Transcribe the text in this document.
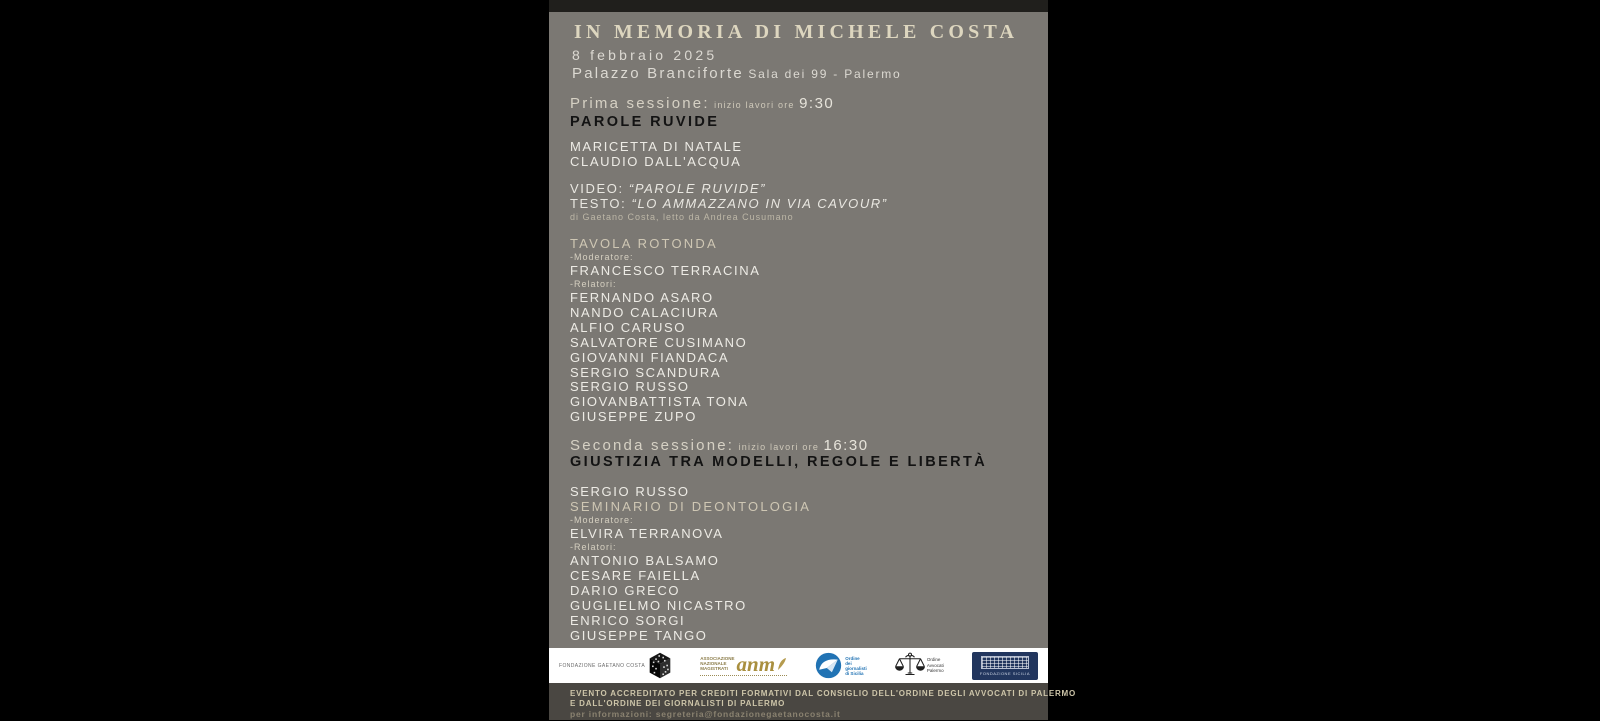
IN MEMORIA DI MICHELE COSTA
8 febbraio 2025
Palazzo Branciforte Sala dei 99 - Palermo
Prima sessione: inizio lavori ore 9:30
PAROLE RUVIDE
MARICETTA DI NATALE
CLAUDIO DALL'ACQUA
VIDEO: “PAROLE RUVIDE”
TESTO: “LO AMMAZZANO IN VIA CAVOUR”
di Gaetano Costa, letto da Andrea Cusumano
TAVOLA ROTONDA
-Moderatore:
FRANCESCO TERRACINA
-Relatori:
FERNANDO ASARO
NANDO CALACIURA
ALFIO CARUSO
SALVATORE CUSIMANO
GIOVANNI FIANDACA
SERGIO SCANDURA
SERGIO RUSSO
GIOVANBATTISTA TONA
GIUSEPPE ZUPO
Seconda sessione: inizio lavori ore 16:30
GIUSTIZIA TRA MODELLI, REGOLE E LIBERTÀ
SERGIO RUSSO
SEMINARIO DI DEONTOLOGIA
-Moderatore:
ELVIRA TERRANOVA
-Relatori:
ANTONIO BALSAMO
CESARE FAIELLA
DARIO GRECO
GUGLIELMO NICASTRO
ENRICO SORGI
GIUSEPPE TANGO
FONDAZIONE GAETANO COSTA
ASSOCIAZIONE
NAZIONALE
MAGISTRATI anm	Ordine
dei
giornalisti
di Sicilia
Ordine
Avvocati
Palermo	FONDAZIONE SICILIA
EVENTO ACCREDITATO PER CREDITI FORMATIVI DAL CONSIGLIO DELL'ORDINE DEGLI AVVOCATI DI PALERMO
E DALL'ORDINE DEI GIORNALISTI DI PALERMO
per informazioni: segreteria@fondazionegaetanocosta.it
